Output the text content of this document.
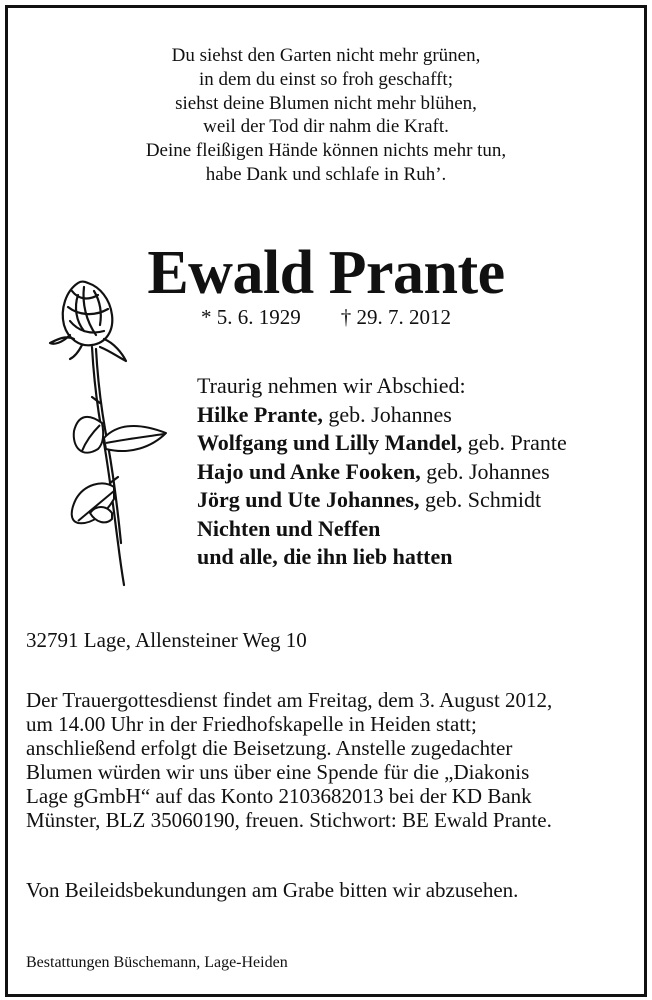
Du siehst den Garten nicht mehr grünen,
in dem du einst so froh geschafft;
siehst deine Blumen nicht mehr blühen,
weil der Tod dir nahm die Kraft.
Deine fleißigen Hände können nichts mehr tun,
habe Dank und schlafe in Ruh’.
Ewald Prante
* 5. 6. 1929 † 29. 7. 2012
Traurig nehmen wir Abschied:
Hilke Prante, geb. Johannes
Wolfgang und Lilly Mandel, geb. Prante
Hajo und Anke Fooken, geb. Johannes
Jörg und Ute Johannes, geb. Schmidt
Nichten und Neffen
und alle, die ihn lieb hatten
32791 Lage, Allensteiner Weg 10
Der Trauergottesdienst findet am Freitag, dem 3. August 2012,
um 14.00 Uhr in der Friedhofskapelle in Heiden statt;
anschließend erfolgt die Beisetzung. Anstelle zugedachter
Blumen würden wir uns über eine Spende für die „Diakonis
Lage gGmbH“ auf das Konto 2103682013 bei der KD Bank
Münster, BLZ 35060190, freuen. Stichwort: BE Ewald Prante.
Von Beileidsbekundungen am Grabe bitten wir abzusehen.
Bestattungen Büschemann, Lage-Heiden
